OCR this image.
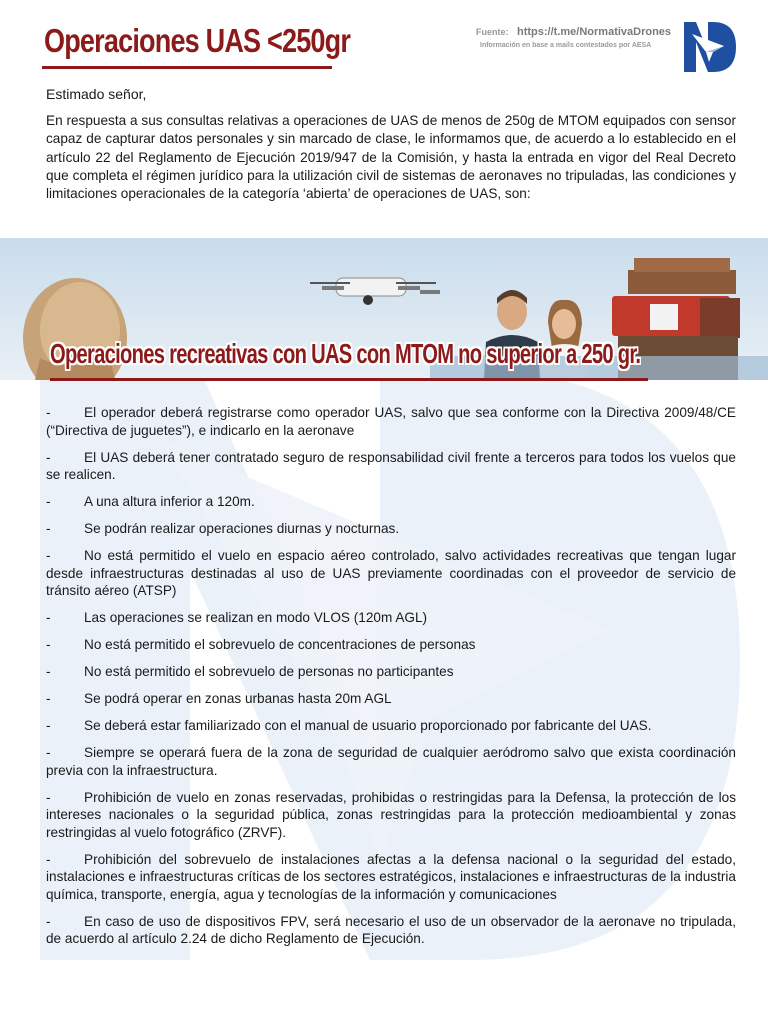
Operaciones UAS <250gr	Fuente: https://t.me/NormativaDrones
Información en base a mails contestados por AESA

Estimado señor,

En respuesta a sus consultas relativas a operaciones de UAS de menos de 250g de MTOM equipados con sensor capaz de capturar datos personales y sin marcado de clase, le informamos que, de acuerdo a lo establecido en el artículo 22 del Reglamento de Ejecución 2019/947 de la Comisión, y hasta la entrada en vigor del Real Decreto que completa el régimen jurídico para la utilización civil de sistemas de aeronaves no tripuladas, las condiciones y limitaciones operacionales de la categoría ‘abierta’ de operaciones de UAS, son:

Operaciones recreativas con UAS con MTOM no superior a 250 gr.
- El operador deberá registrarse como operador UAS, salvo que sea conforme con la Directiva 2009/48/CE (“Directiva de juguetes”), e indicarlo en la aeronave
- El UAS deberá tener contratado seguro de responsabilidad civil frente a terceros para todos los vuelos que se realicen.
- A una altura inferior a 120m.
- Se podrán realizar operaciones diurnas y nocturnas.
- No está permitido el vuelo en espacio aéreo controlado, salvo actividades recreativas que tengan lugar desde infraestructuras destinadas al uso de UAS previamente coordinadas con el proveedor de servicio de tránsito aéreo (ATSP)
- Las operaciones se realizan en modo VLOS (120m AGL)
- No está permitido el sobrevuelo de concentraciones de personas
- No está permitido el sobrevuelo de personas no participantes
- Se podrá operar en zonas urbanas hasta 20m AGL
- Se deberá estar familiarizado con el manual de usuario proporcionado por fabricante del UAS.
- Siempre se operará fuera de la zona de seguridad de cualquier aeródromo salvo que exista coordinación previa con la infraestructura.
- Prohibición de vuelo en zonas reservadas, prohibidas o restringidas para la Defensa, la protección de los intereses nacionales o la seguridad pública, zonas restringidas para la protección medioambiental y zonas restringidas al vuelo fotográfico (ZRVF).
- Prohibición del sobrevuelo de instalaciones afectas a la defensa nacional o la seguridad del estado, instalaciones e infraestructuras críticas de los sectores estratégicos, instalaciones e infraestructuras de la industria química, transporte, energía, agua y tecnologías de la información y comunicaciones
- En caso de uso de dispositivos FPV, será necesario el uso de un observador de la aeronave no tripulada, de acuerdo al artículo 2.24 de dicho Reglamento de Ejecución.
